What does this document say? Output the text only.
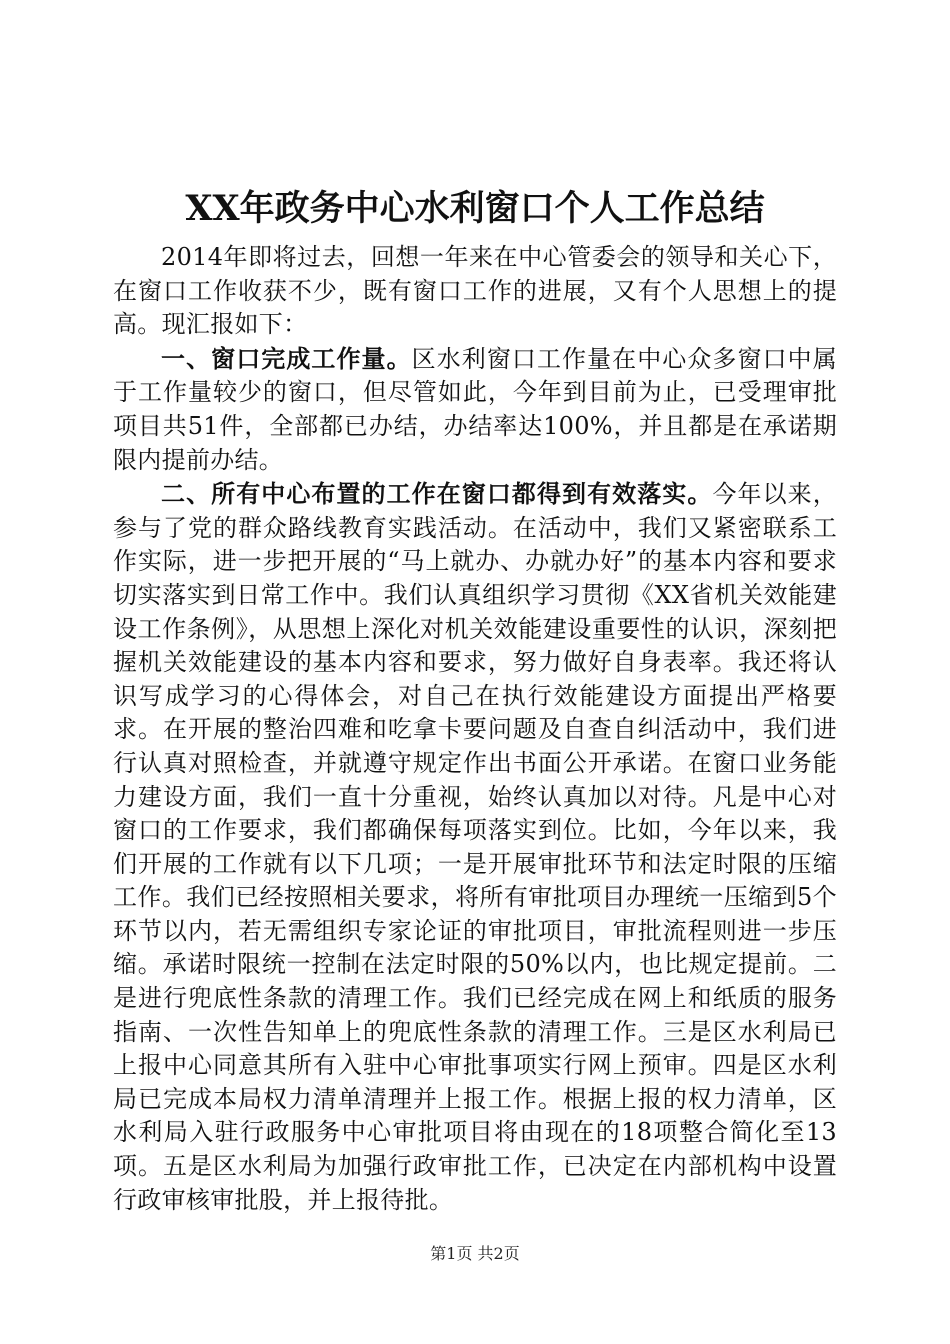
XX年政务中心水利窗口个人工作总结

2014年即将过去，回想一年来在中心管委会的领导和关心下，在窗口工作收获不少，既有窗口工作的进展，又有个人思想上的提高。现汇报如下：

一、窗口完成工作量。区水利窗口工作量在中心众多窗口中属于工作量较少的窗口，但尽管如此，今年到目前为止，已受理审批项目共51件，全部都已办结，办结率达100%，并且都是在承诺期限内提前办结。

二、所有中心布置的工作在窗口都得到有效落实。今年以来，参与了党的群众路线教育实践活动。在活动中，我们又紧密联系工作实际，进一步把开展的“马上就办、办就办好”的基本内容和要求切实落实到日常工作中。我们认真组织学习贯彻《XX省机关效能建设工作条例》，从思想上深化对机关效能建设重要性的认识，深刻把握机关效能建设的基本内容和要求，努力做好自身表率。我还将认识写成学习的心得体会，对自己在执行效能建设方面提出严格要求。在开展的整治四难和吃拿卡要问题及自查自纠活动中，我们进行认真对照检查，并就遵守规定作出书面公开承诺。在窗口业务能力建设方面，我们一直十分重视，始终认真加以对待。凡是中心对窗口的工作要求，我们都确保每项落实到位。比如，今年以来，我们开展的工作就有以下几项；一是开展审批环节和法定时限的压缩工作。我们已经按照相关要求，将所有审批项目办理统一压缩到5个环节以内，若无需组织专家论证的审批项目，审批流程则进一步压缩。承诺时限统一控制在法定时限的50%以内，也比规定提前。二是进行兜底性条款的清理工作。我们已经完成在网上和纸质的服务指南、一次性告知单上的兜底性条款的清理工作。三是区水利局已上报中心同意其所有入驻中心审批事项实行网上预审。四是区水利局已完成本局权力清单清理并上报工作。根据上报的权力清单，区水利局入驻行政服务中心审批项目将由现在的18项整合简化至13项。五是区水利局为加强行政审批工作，已决定在内部机构中设置行政审核审批股，并上报待批。

第1页 共2页
